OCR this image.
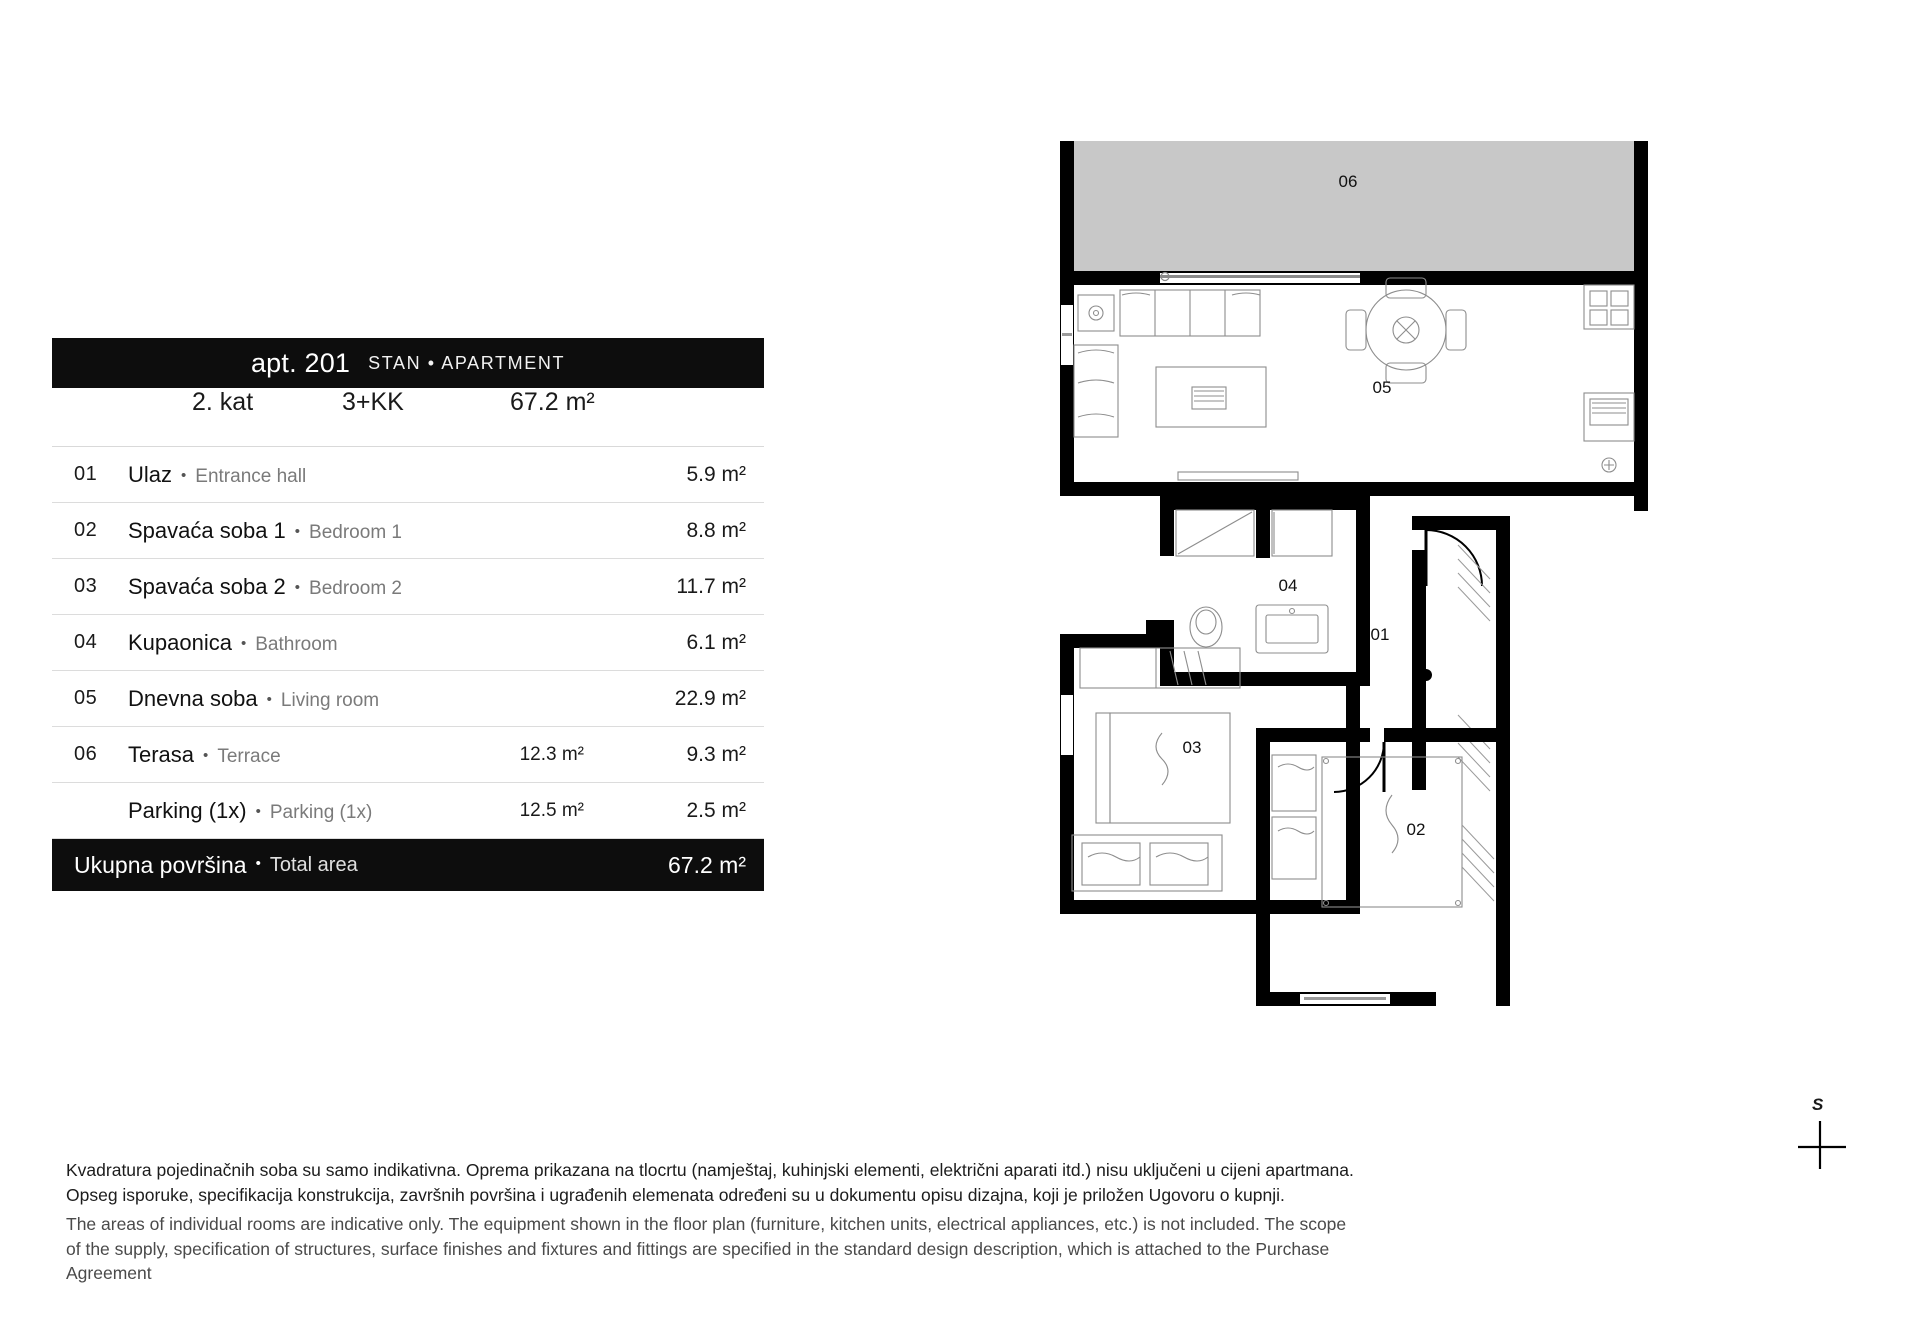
apt. 201 STAN • APARTMENT
2. kat	3+KK	67.2 m²
01	Ulaz • Entrance hall	5.9 m²
02	Spavaća soba 1 • Bedroom 1	8.8 m²
03	Spavaća soba 2 • Bedroom 2	11.7 m²
04	Kupaonica • Bathroom	6.1 m²
05	Dnevna soba • Living room	22.9 m²
06	Terasa • Terrace	12.3 m²	9.3 m²
Parking (1x) • Parking (1x)	12.5 m²	2.5 m²
Ukupna površina • Total area	67.2 m²
05
04
01
03
02
06
S
Kvadratura pojedinačnih soba su samo indikativna. Oprema prikazana na tlocrtu (namještaj, kuhinjski elementi, električni aparati itd.) nisu uključeni u cijeni apartmana. Opseg isporuke, specifikacija konstrukcija, završnih površina i ugrađenih elemenata određeni su u dokumentu opisu dizajna, koji je priložen Ugovoru o kupnji.
The areas of individual rooms are indicative only. The equipment shown in the floor plan (furniture, kitchen units, electrical appliances, etc.) is not included. The scope of the supply, specification of structures, surface finishes and fixtures and fittings are specified in the standard design description, which is attached to the Purchase Agreement
